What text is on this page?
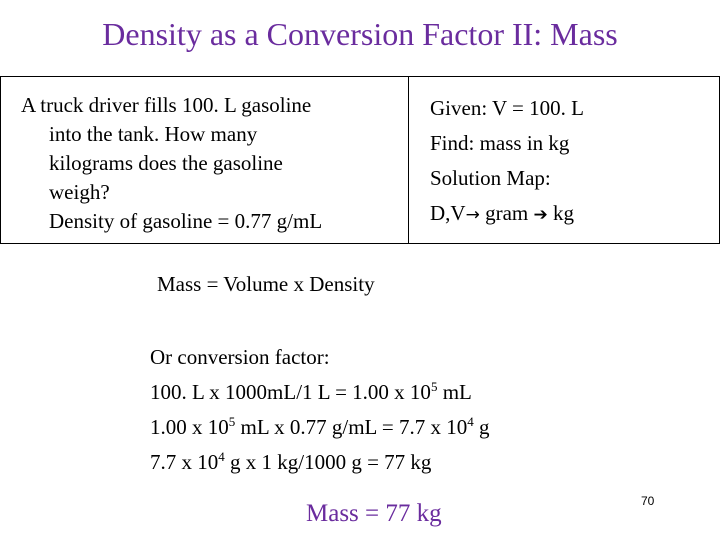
Density as a Conversion Factor II: Mass
A truck driver fills 100. L gasoline
into the tank. How many
kilograms does the gasoline
weigh?
Density of gasoline = 0.77 g/mL
Given: V = 100. L
Find: mass in kg
Solution Map:
D,V→ gram ➔ kg
Mass = Volume x Density
Or conversion factor:
100. L x 1000mL/1 L = 1.00 x $10^5$ mL
1.00 x $10^5$ mL x 0.77 g/mL = 7.7 x $10^4$ g
7.7 x $10^4$ g x 1 kg/1000 g = 77 kg
Mass = 77 kg	70
